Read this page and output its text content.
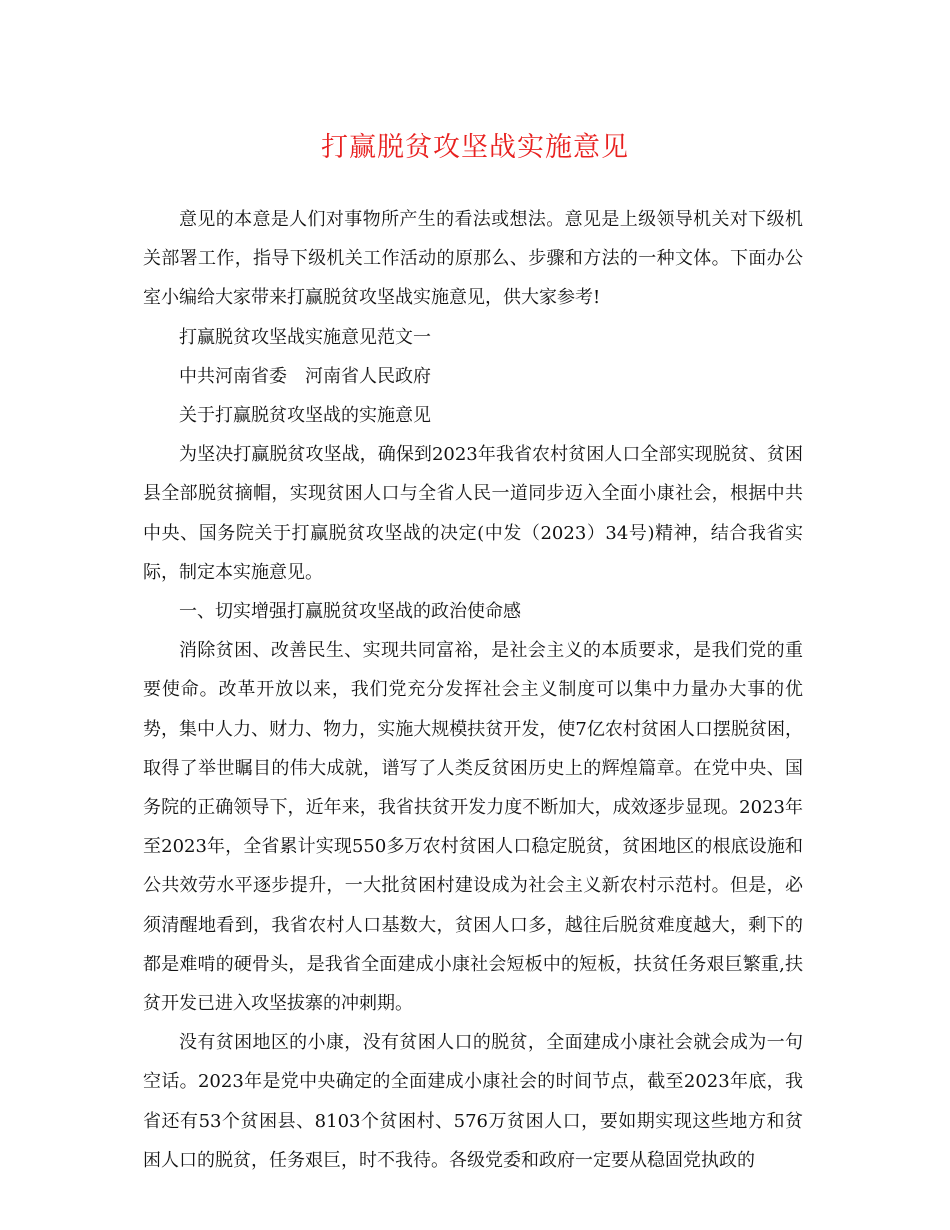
打赢脱贫攻坚战实施意见

意见的本意是人们对事物所产生的看法或想法。意见是上级领导机关对下级机关部署工作，指导下级机关工作活动的原那么、步骤和方法的一种文体。下面办公室小编给大家带来打赢脱贫攻坚战实施意见，供大家参考!

打赢脱贫攻坚战实施意见范文一

中共河南省委　河南省人民政府

关于打赢脱贫攻坚战的实施意见

为坚决打赢脱贫攻坚战，确保到2023年我省农村贫困人口全部实现脱贫、贫困县全部脱贫摘帽，实现贫困人口与全省人民一道同步迈入全面小康社会，根据中共中央、国务院关于打赢脱贫攻坚战的决定(中发（2023）34号)精神，结合我省实际，制定本实施意见。

一、切实增强打赢脱贫攻坚战的政治使命感

消除贫困、改善民生、实现共同富裕，是社会主义的本质要求，是我们党的重要使命。改革开放以来，我们党充分发挥社会主义制度可以集中力量办大事的优势，集中人力、财力、物力，实施大规模扶贫开发，使7亿农村贫困人口摆脱贫困，取得了举世瞩目的伟大成就，谱写了人类反贫困历史上的辉煌篇章。在党中央、国务院的正确领导下，近年来，我省扶贫开发力度不断加大，成效逐步显现。2023年至2023年，全省累计实现550多万农村贫困人口稳定脱贫，贫困地区的根底设施和公共效劳水平逐步提升，一大批贫困村建设成为社会主义新农村示范村。但是，必须清醒地看到，我省农村人口基数大，贫困人口多，越往后脱贫难度越大，剩下的都是难啃的硬骨头，是我省全面建成小康社会短板中的短板，扶贫任务艰巨繁重,扶贫开发已进入攻坚拔寨的冲刺期。

没有贫困地区的小康，没有贫困人口的脱贫，全面建成小康社会就会成为一句空话。2023年是党中央确定的全面建成小康社会的时间节点，截至2023年底，我省还有53个贫困县、8103个贫困村、576万贫困人口，要如期实现这些地方和贫困人口的脱贫，任务艰巨，时不我待。各级党委和政府一定要从稳固党执政的
